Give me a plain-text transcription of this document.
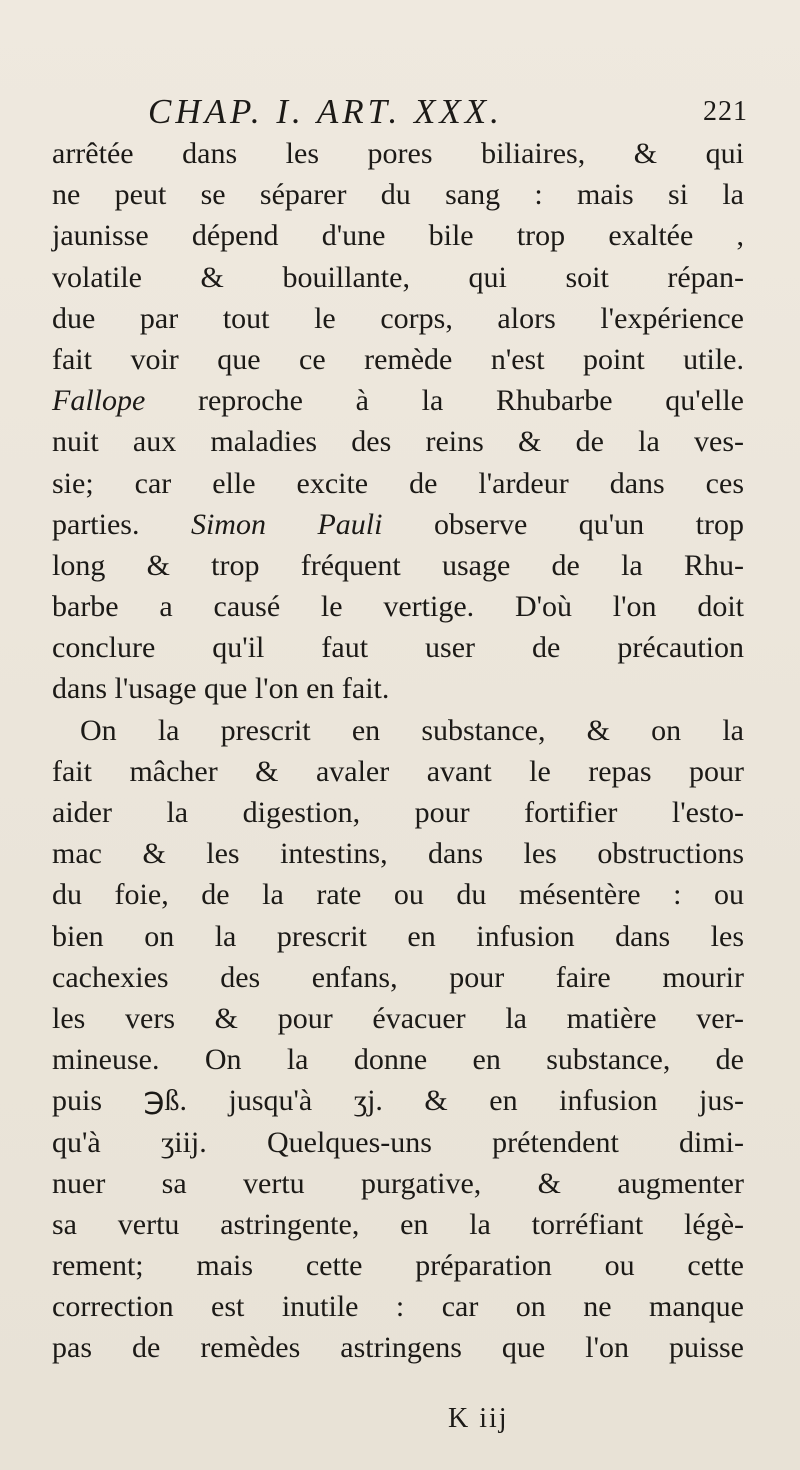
CHAP. I. ART. XXX.	221
arrêtée dans les pores biliaires, & qui
ne peut se séparer du sang : mais si la
jaunisse dépend d'une bile trop exaltée ,
volatile & bouillante, qui soit répan-
due par tout le corps, alors l'expérience
fait voir que ce remède n'est point utile.
Fallope reproche à la Rhubarbe qu'elle
nuit aux maladies des reins & de la ves-
sie; car elle excite de l'ardeur dans ces
parties. Simon Pauli observe qu'un trop
long & trop fréquent usage de la Rhu-
barbe a causé le vertige. D'où l'on doit
conclure qu'il faut user de précaution
dans l'usage que l'on en fait.
On la prescrit en substance, & on la
fait mâcher & avaler avant le repas pour
aider la digestion, pour fortifier l'esto-
mac & les intestins, dans les obstructions
du foie, de la rate ou du mésentère : ou
bien on la prescrit en infusion dans les
cachexies des enfans, pour faire mourir
les vers & pour évacuer la matière ver-
mineuse. On la donne en substance, de
puis ℈ß. jusqu'à ʒj. & en infusion jus-
qu'à ʒiij. Quelques-uns prétendent dimi-
nuer sa vertu purgative, & augmenter
sa vertu astringente, en la torréfiant légè-
rement; mais cette préparation ou cette
correction est inutile : car on ne manque
pas de remèdes astringens que l'on puisse
K iij
